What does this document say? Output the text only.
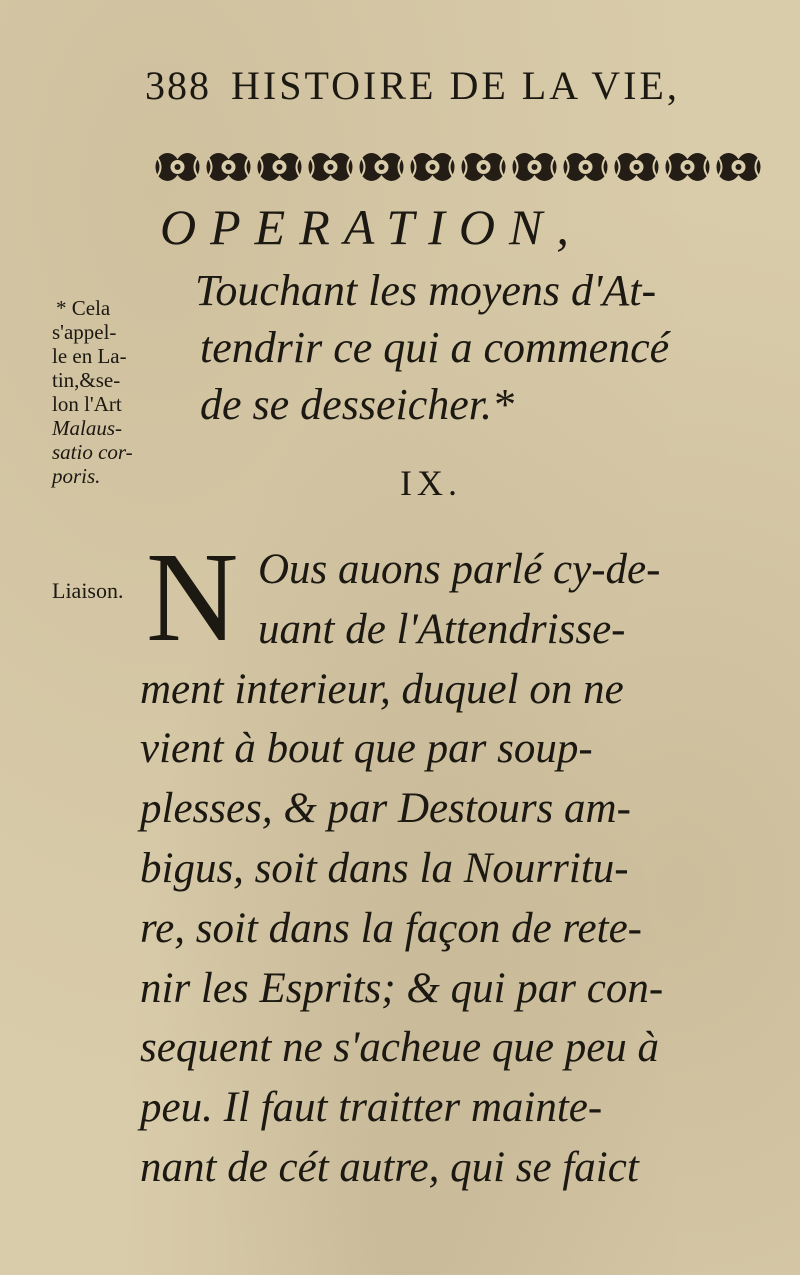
388 HISTOIRE DE LA VIE,
OPERATION,
Touchant les moyens d'At-
tendrir ce qui a commencé
de se desseicher.*
* Cela
s'appel-
le en La-
tin,&se-
lon l'Art
Malaus-
satio cor-
poris.	IX.
Liaison. N Ous auons parlé cy-de-
uant de l'Attendrisse-
ment interieur, duquel on ne
vient à bout que par soup-
plesses, & par Destours am-
bigus, soit dans la Nourritu-
re, soit dans la façon de rete-
nir les Esprits; & qui par con-
sequent ne s'acheue que peu à
peu. Il faut traitter mainte-
nant de cét autre, qui se faict
